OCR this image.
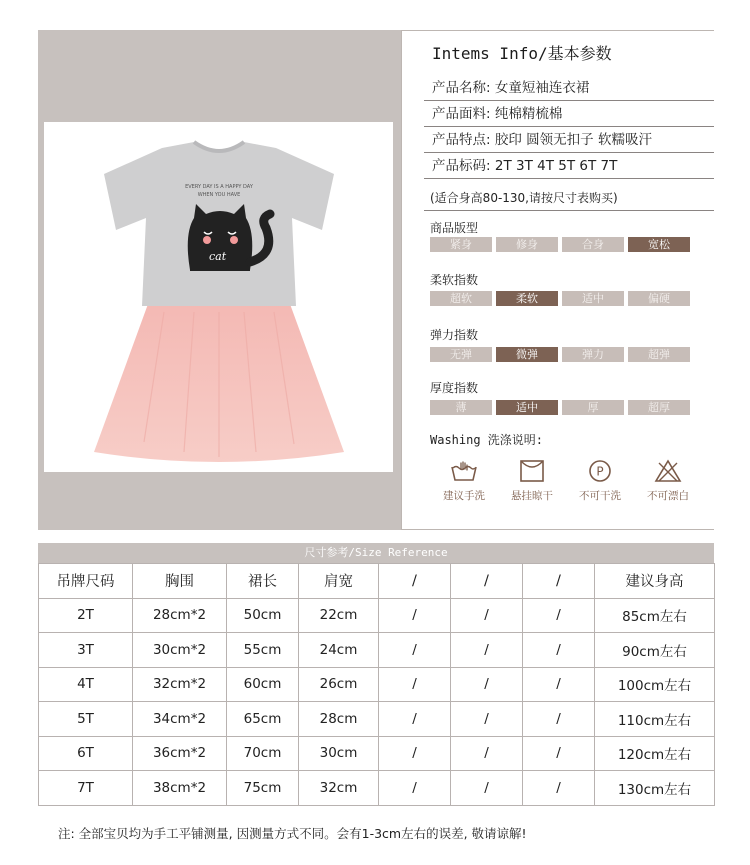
cat
EVERY DAY IS A HAPPY DAY
WHEN YOU HAVE
Intems Info/基本参数
产品名称: 女童短袖连衣裙
产品面料: 纯棉精梳棉
产品特点: 胶印 圆领无扣子 软糯吸汗
产品标码: 2T 3T 4T 5T 6T 7T
(适合身高80-130,请按尺寸表购买)
商品版型
紧身	修身	合身	宽松
柔软指数
超软	柔软	适中	偏硬
弹力指数
无弹	微弹	弹力	超弹
厚度指数
薄	适中	厚	超厚
Washing 洗涤说明:
建议手洗	悬挂晾干
P
不可干洗	不可漂白
尺寸参考/Size Reference
吊牌尺码	胸围	裙长	肩宽	/	/	/	建议身高
2T	28cm*2	50cm	22cm	/	/	/	85cm左右
3T	30cm*2	55cm	24cm	/	/	/	90cm左右
4T	32cm*2	60cm	26cm	/	/	/	100cm左右
5T	34cm*2	65cm	28cm	/	/	/	110cm左右
6T	36cm*2	70cm	30cm	/	/	/	120cm左右
7T	38cm*2	75cm	32cm	/	/	/	130cm左右
注: 全部宝贝均为手工平铺测量, 因测量方式不同。会有1-3cm左右的误差, 敬请谅解!
